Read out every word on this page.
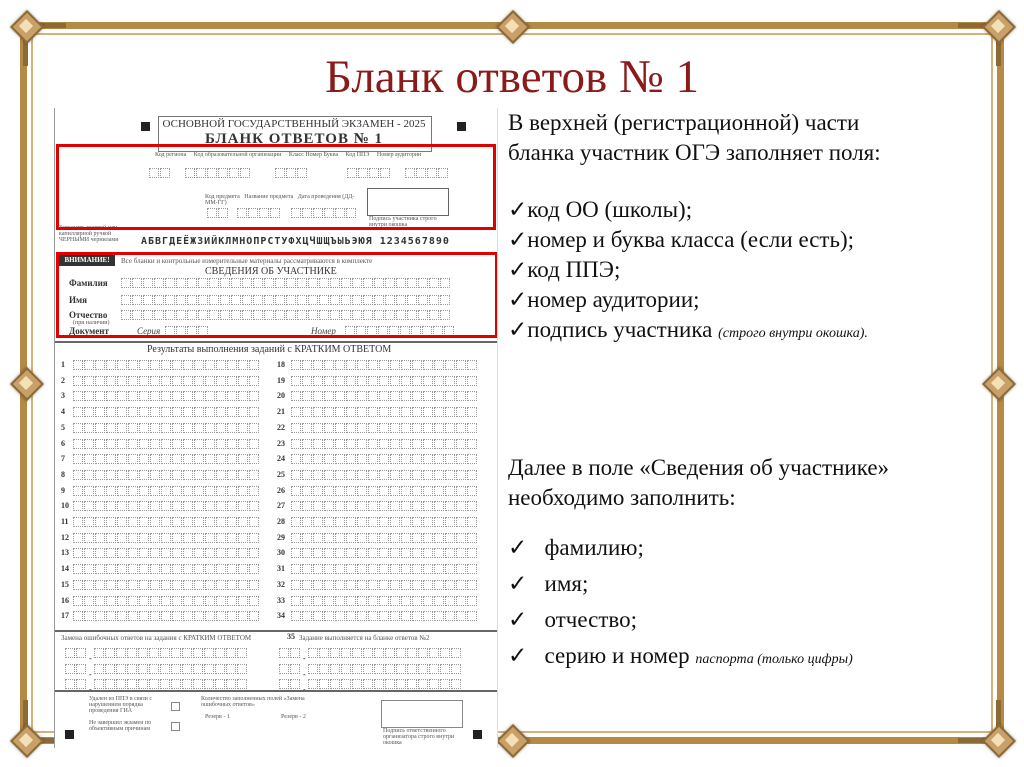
Бланк ответов № 1
ОСНОВНОЙ ГОСУДАРСТВЕННЫЙ ЭКЗАМЕН - 2025
БЛАНК ОТВЕТОВ № 1
Код региона Код образовательной организации Класс Номер Буква Код ППЭ Номер аудитории
Код предмета Название предмета Дата проведения (ДД-ММ-ГГ)
Подпись участника строго внутри окошка
Заполнять гелевой или капиллярной ручкой ЧЕРНЫМИ чернилами	АБВГДЕЁЖЗИЙКЛМНОПРСТУФХЦЧШЩЪЫЬЭЮЯ 1234567890
ВНИМАНИЕ!	Все бланки и контрольные измерительные материалы рассматриваются в комплекте
СВЕДЕНИЯ ОБ УЧАСТНИКЕ
Фамилия
Имя
Отчество
(при наличии)
Документ	Серия	Номер
Результаты выполнения заданий с КРАТКИМ ОТВЕТОМ
1
2
3
4
5
6
7
8
9
10
11
12
13
14
15
16
17
18
19
20
21
22
23
24
25
26
27
28
29
30
31
32
33
34
Замена ошибочных ответов на задания с КРАТКИМ ОТВЕТОМ	35 Задание выполняется на бланке ответов №2
-	-
-	-
Удален из ППЭ в связи с нарушением порядка проведения ГИА
Не завершил экзамен по объективным причинам
Количество заполненных полей «Замена ошибочных ответов»
Резерв - 1	Резерв - 2
Подпись ответственного организатора строго внутри окошка
В верхней (регистрационной) части
бланка участник ОГЭ заполняет поля:
✓код ОО (школы);
✓номер и буква класса (если есть);
✓код ППЭ;
✓номер аудитории;
✓подпись участника (строго внутри окошка).
Далее в поле «Сведения об участнике»
необходимо заполнить:
✓ фамилию;
✓ имя;
✓ отчество;
✓ серию и номер паспорта (только цифры)
